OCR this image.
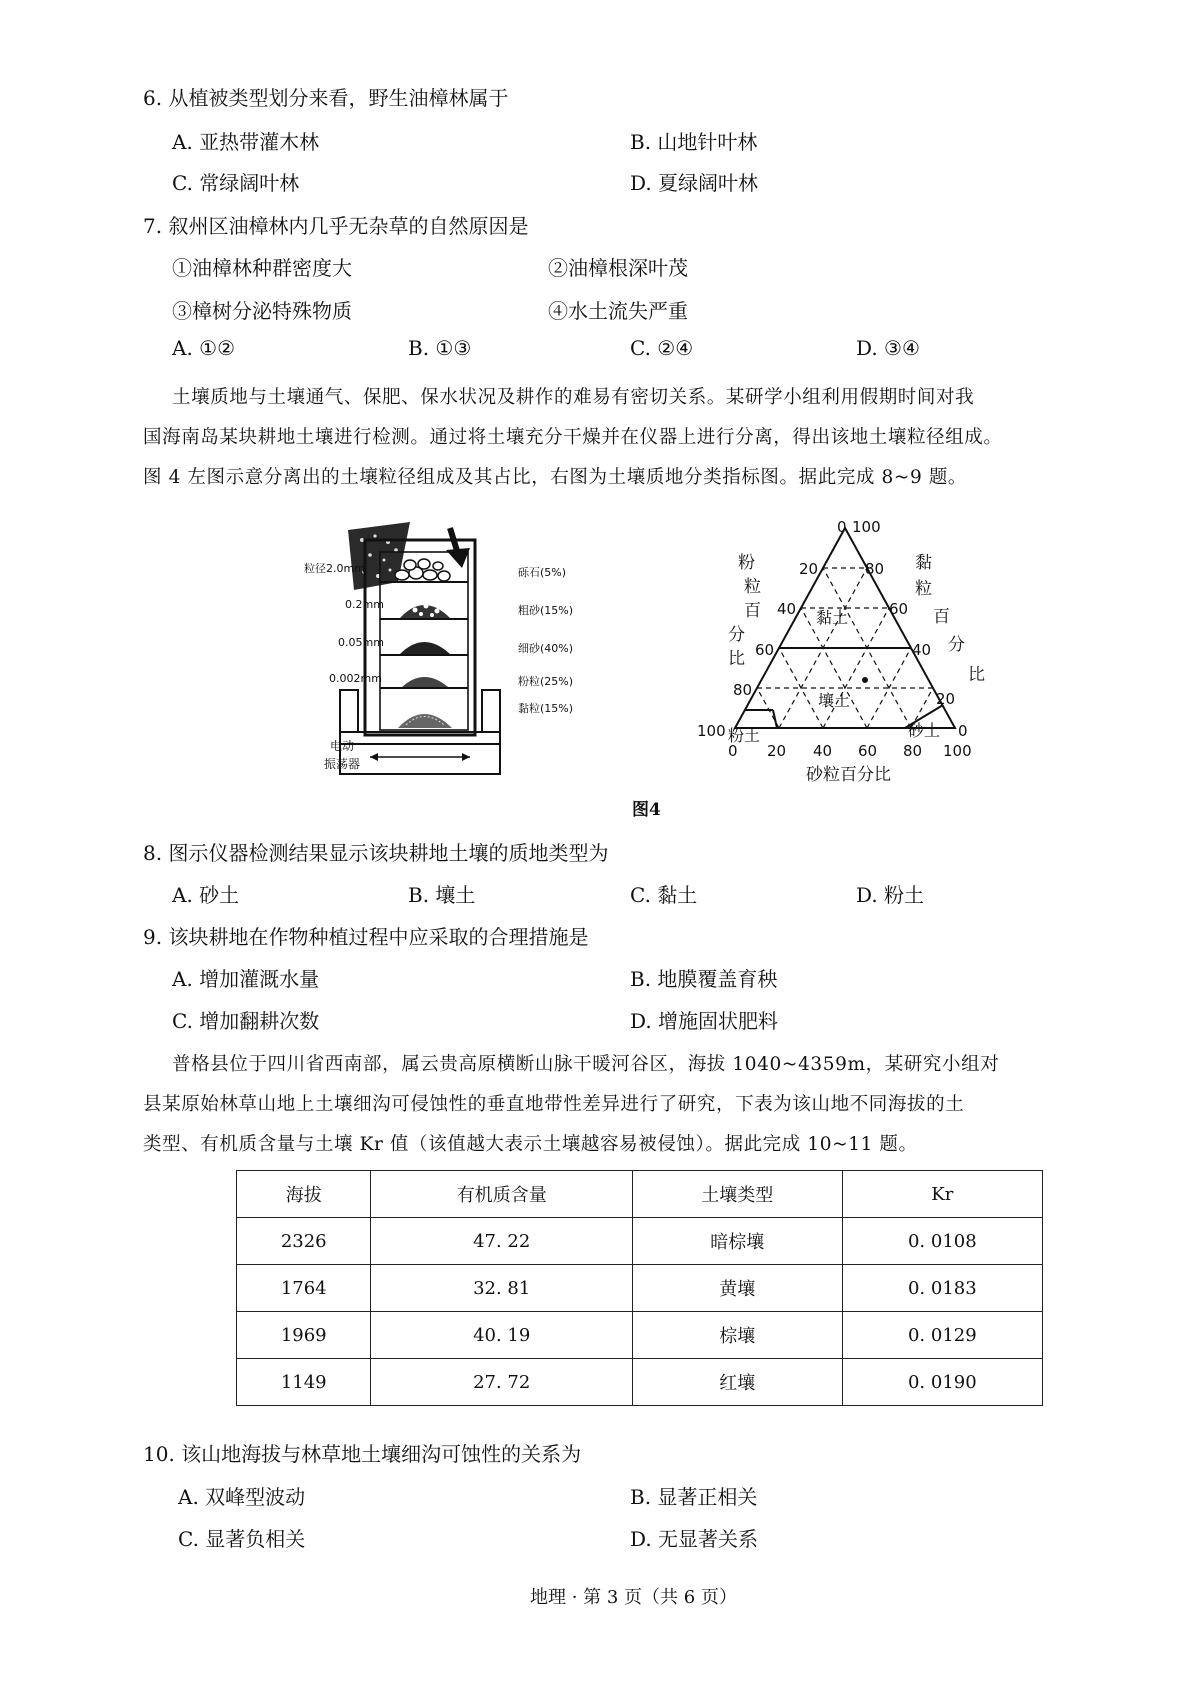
6. 从植被类型划分来看，野生油樟林属于
A. 亚热带灌木林	B. 山地针叶林
C. 常绿阔叶林	D. 夏绿阔叶林
7. 叙州区油樟林内几乎无杂草的自然原因是
①油樟林种群密度大	②油樟根深叶茂
③樟树分泌特殊物质	④水土流失严重
A. ①②	B. ①③	C. ②④	D. ③④
土壤质地与土壤通气、保肥、保水状况及耕作的难易有密切关系。某研学小组利用假期时间对我
国海南岛某块耕地土壤进行检测。通过将土壤充分干燥并在仪器上进行分离，得出该地土壤粒径组成。
图 4 左图示意分离出的土壤粒径组成及其占比，右图为土壤质地分类指标图。据此完成 8~9 题。
粒径2.0mm
0.2mm
0.05mm
0.002mm
砾石(5%)
粗砂(15%)
细砂(40%)
粉粒(25%)
黏粒(15%)
电动
振荡器
0 100
20
40
60
80
100
80
60
40
20
0
0 20 40 60 80 100
粉
粒
百
分
比
黏
粒
百
分
比
砂粒百分比
黏土
壤土
粉土	砂土
图4
8. 图示仪器检测结果显示该块耕地土壤的质地类型为
A. 砂土	B. 壤土	C. 黏土	D. 粉土
9. 该块耕地在作物种植过程中应采取的合理措施是
A. 增加灌溉水量	B. 地膜覆盖育秧
C. 增加翻耕次数	D. 增施固状肥料
普格县位于四川省西南部，属云贵高原横断山脉干暖河谷区，海拔 1040~4359m，某研究小组对
县某原始林草山地上土壤细沟可侵蚀性的垂直地带性差异进行了研究，下表为该山地不同海拔的土
类型、有机质含量与土壤 Kr 值（该值越大表示土壤越容易被侵蚀）。据此完成 10~11 题。
海拔	有机质含量	土壤类型	Kr
2326	47. 22	暗棕壤	0. 0108
1764	32. 81	黄壤	0. 0183
1969	40. 19	棕壤	0. 0129
1149	27. 72	红壤	0. 0190
10. 该山地海拔与林草地土壤细沟可蚀性的关系为
A. 双峰型波动	B. 显著正相关
C. 显著负相关	D. 无显著关系
地理 · 第 3 页（共 6 页）
